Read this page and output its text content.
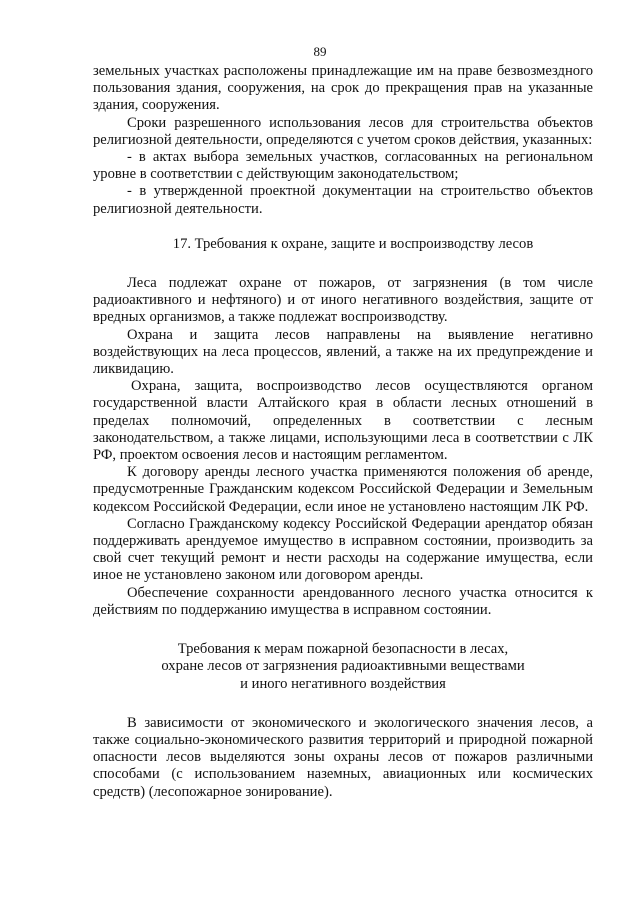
89

земельных участках расположены принадлежащие им на праве безвозмездного пользования здания, сооружения, на срок до прекращения прав на указанные здания, сооружения.

Сроки разрешенного использования лесов для строительства объектов религиозной деятельности, определяются с учетом сроков действия, указанных:

- в актах выбора земельных участков, согласованных на региональном уровне в соответствии с действующим законодательством;

- в утвержденной проектной документации на строительство объектов религиозной деятельности.

17. Требования к охране, защите и воспроизводству лесов

Леса подлежат охране от пожаров, от загрязнения (в том числе радиоактивного и нефтяного) и от иного негативного воздействия, защите от вредных организмов, а также подлежат воспроизводству.

Охрана и защита лесов направлены на выявление негативно воздействующих на леса процессов, явлений, а также на их предупреждение и ликвидацию.

Охрана, защита, воспроизводство лесов осуществляются органом государственной власти Алтайского края в области лесных отношений в пределах полномочий, определенных в соответствии с лесным законодательством, а также лицами, использующими леса в соответствии с ЛК РФ, проектом освоения лесов и настоящим регламентом.

К договору аренды лесного участка применяются положения об аренде, предусмотренные Гражданским кодексом Российской Федерации и Земельным кодексом Российской Федерации, если иное не установлено настоящим ЛК РФ.

Согласно Гражданскому кодексу Российской Федерации арендатор обязан поддерживать арендуемое имущество в исправном состоянии, производить за свой счет текущий ремонт и нести расходы на содержание имущества, если иное не установлено законом или договором аренды.

Обеспечение сохранности арендованного лесного участка относится к действиям по поддержанию имущества в исправном состоянии.

Требования к мерам пожарной безопасности в лесах,
охране лесов от загрязнения радиоактивными веществами
и иного негативного воздействия

В зависимости от экономического и экологического значения лесов, а также социально-экономического развития территорий и природной пожарной опасности лесов выделяются зоны охраны лесов от пожаров различными способами (с использованием наземных, авиационных или космических средств) (лесопожарное зонирование).
